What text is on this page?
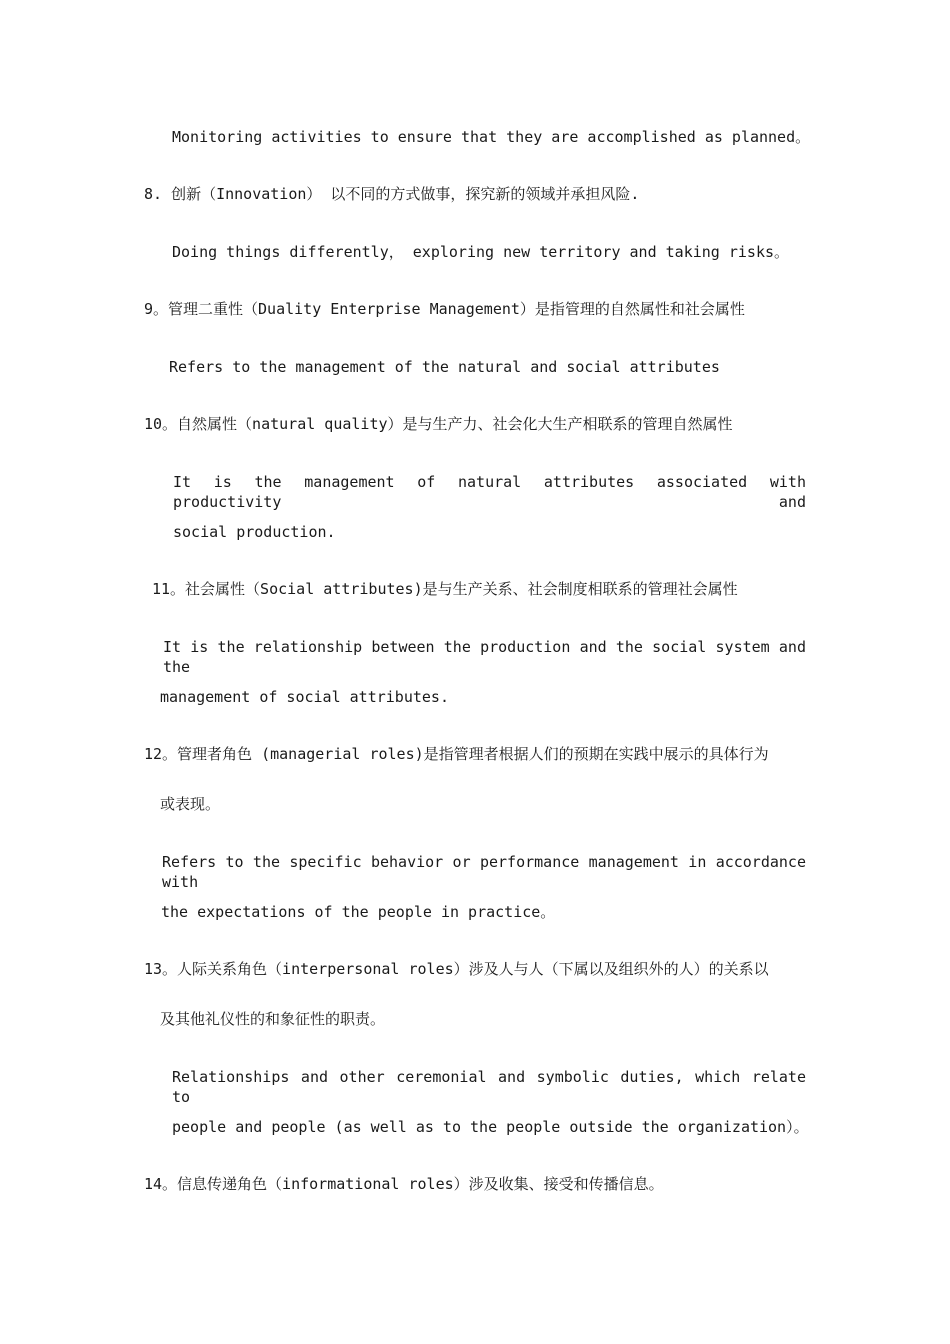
Monitoring activities to ensure that they are accomplished as planned。
8. 创新（Innovation） 以不同的方式做事，探究新的领域并承担风险.
Doing things differently， exploring new territory and taking risks。
9。管理二重性（Duality Enterprise Management）是指管理的自然属性和社会属性
Refers to the management of the natural and social attributes
10。自然属性（natural quality）是与生产力、社会化大生产相联系的管理自然属性
It is the management of natural attributes associated with productivity and
social production.
11。社会属性（Social attributes)是与生产关系、社会制度相联系的管理社会属性
It is the relationship between the production and the social system and the
management of social attributes.
12。管理者角色 (managerial roles)是指管理者根据人们的预期在实践中展示的具体行为
或表现。
Refers to the specific behavior or performance management in accordance with
the expectations of the people in practice。
13。人际关系角色（interpersonal roles）涉及人与人（下属以及组织外的人）的关系以
及其他礼仪性的和象征性的职责。
Relationships and other ceremonial and symbolic duties, which relate to
people and people (as well as to the people outside the organization）。
14。信息传递角色（informational roles）涉及收集、接受和传播信息。
